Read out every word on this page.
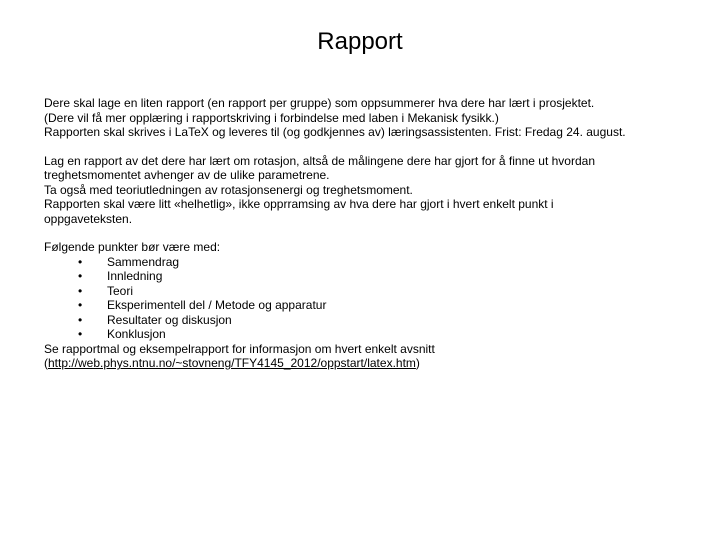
Rapport
Dere skal lage en liten rapport (en rapport per gruppe) som oppsummerer hva dere har lært i prosjektet.
(Dere vil få mer opplæring i rapportskriving i forbindelse med laben i Mekanisk fysikk.)
Rapporten skal skrives i LaTeX og leveres til (og godkjennes av) læringsassistenten. Frist: Fredag 24. august.
Lag en rapport av det dere har lært om rotasjon, altså de målingene dere har gjort for å finne ut hvordan
treghetsmomentet avhenger av de ulike parametrene.
Ta også med teoriutledningen av rotasjonsenergi og treghetsmoment.
Rapporten skal være litt «helhetlig», ikke opprramsing av hva dere har gjort i hvert enkelt punkt i
oppgaveteksten.
Følgende punkter bør være med:
• Sammendrag
• Innledning
• Teori
• Eksperimentell del / Metode og apparatur
• Resultater og diskusjon
• Konklusjon
Se rapportmal og eksempelrapport for informasjon om hvert enkelt avsnitt
(http://web.phys.ntnu.no/~stovneng/TFY4145_2012/oppstart/latex.htm)
